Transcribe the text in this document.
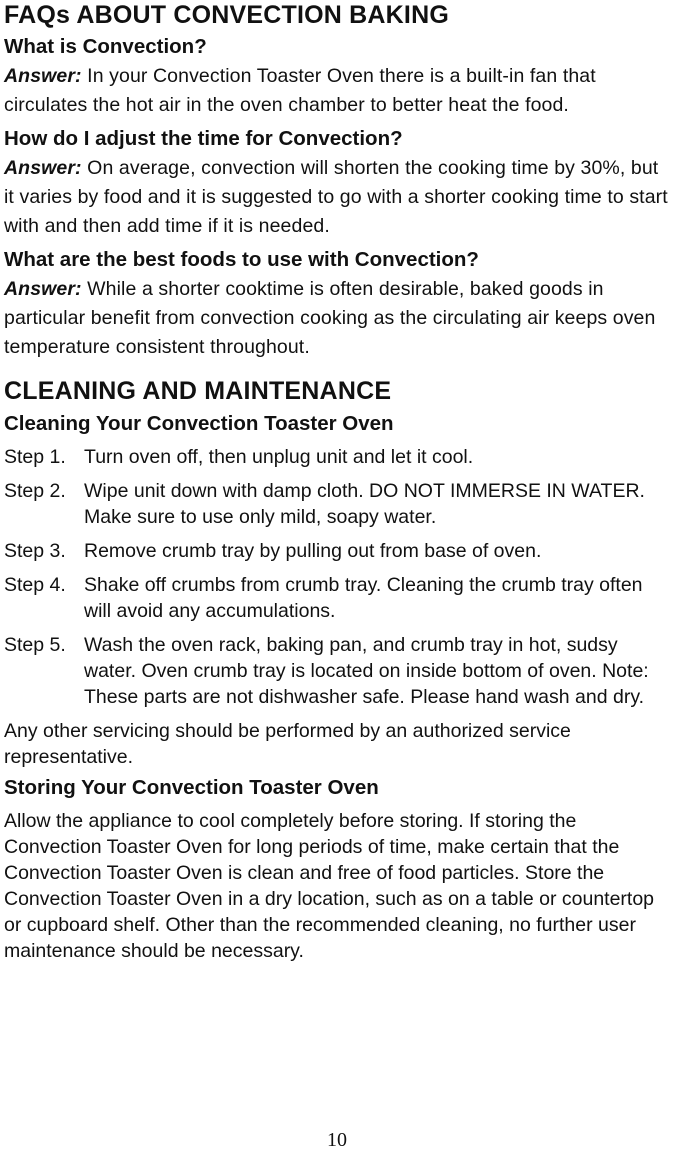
FAQs ABOUT CONVECTION BAKING
What is Convection?

Answer: In your Convection Toaster Oven there is a built-in fan that circulates the hot air in the oven chamber to better heat the food.

How do I adjust the time for Convection?

Answer: On average, convection will shorten the cooking time by 30%, but it varies by food and it is suggested to go with a shorter cooking time to start with and then add time if it is needed.

What are the best foods to use with Convection?

Answer: While a shorter cooktime is often desirable, baked goods in particular benefit from convection cooking as the circulating air keeps oven temperature consistent throughout.

CLEANING AND MAINTENANCE
Cleaning Your Convection Toaster Oven
Step 1. Turn oven off, then unplug unit and let it cool.
Step 2. Wipe unit down with damp cloth. DO NOT IMMERSE IN WATER. Make sure to use only mild, soapy water.
Step 3. Remove crumb tray by pulling out from base of oven.
Step 4. Shake off crumbs from crumb tray. Cleaning the crumb tray often will avoid any accumulations.
Step 5. Wash the oven rack, baking pan, and crumb tray in hot, sudsy water. Oven crumb tray is located on inside bottom of oven. Note: These parts are not dishwasher safe. Please hand wash and dry.

Any other servicing should be performed by an authorized service representative.

Storing Your Convection Toaster Oven

Allow the appliance to cool completely before storing. If storing the Convection Toaster Oven for long periods of time, make certain that the Convection Toaster Oven is clean and free of food particles. Store the Convection Toaster Oven in a dry location, such as on a table or countertop or cupboard shelf. Other than the recommended cleaning, no further user maintenance should be necessary.

10
